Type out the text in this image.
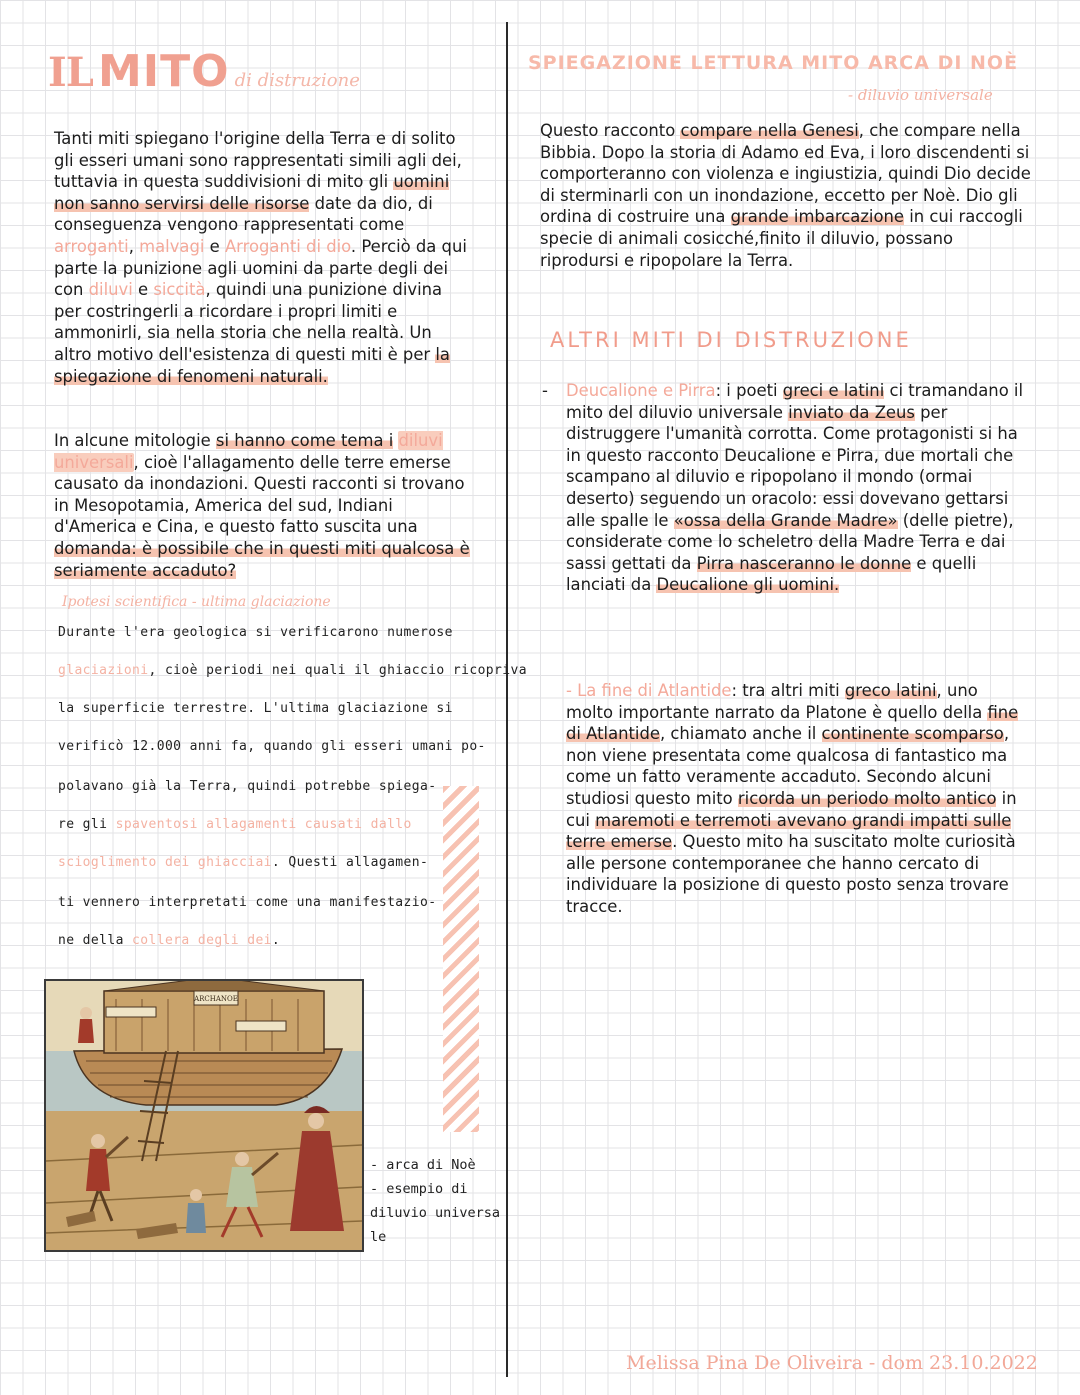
IL MITO di distruzione
Tanti miti spiegano l'origine della Terra e di solito gli esseri umani sono rappresentati simili agli dei, tuttavia in questa suddivisioni di mito gli uomini non sanno servirsi delle risorse date da dio, di conseguenza vengono rappresentati come arroganti, malvagi e Arroganti di dio. Perciò da qui parte la punizione agli uomini da parte degli dei con diluvi e siccità, quindi una punizione divina per costringerli a ricordare i propri limiti e ammonirli, sia nella storia che nella realtà. Un altro motivo dell'esistenza di questi miti è per la spiegazione di fenomeni naturali.
In alcune mitologie si hanno come tema i diluvi universali, cioè l'allagamento delle terre emerse causato da inondazioni. Questi racconti si trovano in Mesopotamia, America del sud, Indiani d'America e Cina, e questo fatto suscita una domanda: è possibile che in questi miti qualcosa è seriamente accaduto?
Ipotesi scientifica - ultima glaciazione
Durante l'era geologica si verificarono numerose
glaciazioni, cioè periodi nei quali il ghiaccio ricopriva
la superficie terrestre. L'ultima glaciazione si
verificò 12.000 anni fa, quando gli esseri umani po-
polavano già la Terra, quindi potrebbe spiega-
re gli spaventosi allagamenti causati dallo
scioglimento dei ghiacciai. Questi allagamen-
ti vennero interpretati come una manifestazio-
ne della collera degli dei.
ARCHANOE
- arca di Noè
- esempio di
diluvio universa
le
SPIEGAZIONE LETTURA MITO ARCA DI NOÈ
- diluvio universale
Questo racconto compare nella Genesi, che compare nella Bibbia. Dopo la storia di Adamo ed Eva, i loro discendenti si comporteranno con violenza e ingiustizia, quindi Dio decide di sterminarli con un inondazione, eccetto per Noè. Dio gli ordina di costruire una grande imbarcazione in cui raccogli specie di animali cosicché,finito il diluvio, possano riprodursi e ripopolare la Terra.
ALTRI MITI DI DISTRUZIONE
- Deucalione e Pirra: i poeti greci e latini ci tramandano il mito del diluvio universale inviato da Zeus per distruggere l'umanità corrotta. Come protagonisti si ha in questo racconto Deucalione e Pirra, due mortali che scampano al diluvio e ripopolano il mondo (ormai deserto) seguendo un oracolo: essi dovevano gettarsi alle spalle le «ossa della Grande Madre» (delle pietre), considerate come lo scheletro della Madre Terra e dai sassi gettati da Pirra nasceranno le donne e quelli lanciati da Deucalione gli uomini.
- La fine di Atlantide: tra altri miti greco latini, uno molto importante narrato da Platone è quello della fine di Atlantide, chiamato anche il continente scomparso, non viene presentata come qualcosa di fantastico ma come un fatto veramente accaduto. Secondo alcuni studiosi questo mito ricorda un periodo molto antico in cui maremoti e terremoti avevano grandi impatti sulle terre emerse. Questo mito ha suscitato molte curiosità alle persone contemporanee che hanno cercato di individuare la posizione di questo posto senza trovare tracce.
Melissa Pina De Oliveira - dom 23.10.2022
